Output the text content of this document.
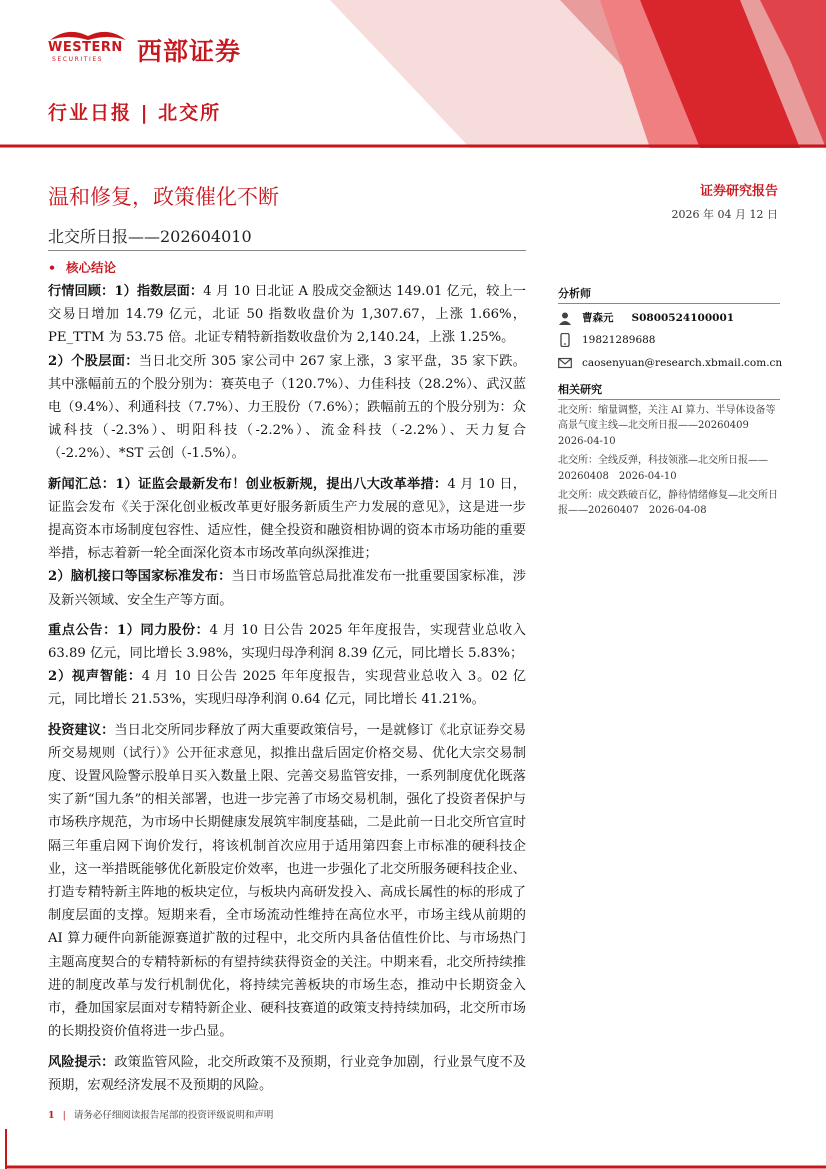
WESTERN
SECURITIES 西部证券
行业日报 | 北交所
温和修复，政策催化不断	证券研究报告
2026 年 04 月 12 日
北交所日报——202604010
• 核心结论

行情回顾：1）指数层面：4 月 10 日北证 A 股成交金额达 149.01 亿元，较上一交易日增加 14.79 亿元，北证 50 指数收盘价为 1,307.67，上涨 1.66%，PE_TTM 为 53.75 倍。北证专精特新指数收盘价为 2,140.24，上涨 1.25%。
2）个股层面：当日北交所 305 家公司中 267 家上涨，3 家平盘，35 家下跌。其中涨幅前五的个股分别为：赛英电子（120.7%）、力佳科技（28.2%）、武汉蓝电（9.4%）、利通科技（7.7%）、力王股份（7.6%）；跌幅前五的个股分别为：众诚科技（-2.3%）、明阳科技（-2.2%）、流金科技（-2.2%）、天力复合（-2.2%）、*ST 云创（-1.5%）。

新闻汇总：1）证监会最新发布！创业板新规，提出八大改革举措：4 月 10 日，证监会发布《关于深化创业板改革更好服务新质生产力发展的意见》，这是进一步提高资本市场制度包容性、适应性，健全投资和融资相协调的资本市场功能的重要举措，标志着新一轮全面深化资本市场改革向纵深推进；
2）脑机接口等国家标准发布：当日市场监管总局批准发布一批重要国家标准，涉及新兴领域、安全生产等方面。

重点公告：1）同力股份：4 月 10 日公告 2025 年年度报告，实现营业总收入 63.89 亿元，同比增长 3.98%，实现归母净利润 8.39 亿元，同比增长 5.83%；
2）视声智能：4 月 10 日公告 2025 年年度报告，实现营业总收入 3。02 亿元，同比增长 21.53%，实现归母净利润 0.64 亿元，同比增长 41.21%。

投资建议：当日北交所同步释放了两大重要政策信号，一是就修订《北京证券交易所交易规则（试行）》公开征求意见，拟推出盘后固定价格交易、优化大宗交易制度、设置风险警示股单日买入数量上限、完善交易监管安排，一系列制度优化既落实了新“国九条”的相关部署，也进一步完善了市场交易机制，强化了投资者保护与市场秩序规范，为市场中长期健康发展筑牢制度基础，二是此前一日北交所官宣时隔三年重启网下询价发行，将该机制首次应用于适用第四套上市标准的硬科技企业，这一举措既能够优化新股定价效率，也进一步强化了北交所服务硬科技企业、打造专精特新主阵地的板块定位，与板块内高研发投入、高成长属性的标的形成了制度层面的支撑。短期来看，全市场流动性维持在高位水平，市场主线从前期的 AI 算力硬件向新能源赛道扩散的过程中，北交所内具备估值性价比、与市场热门主题高度契合的专精特新标的有望持续获得资金的关注。中期来看，北交所持续推进的制度改革与发行机制优化，将持续完善板块的市场生态，推动中长期资金入市，叠加国家层面对专精特新企业、硬科技赛道的政策支持持续加码，北交所市场的长期投资价值将进一步凸显。

风险提示：政策监管风险，北交所政策不及预期，行业竞争加剧，行业景气度不及预期，宏观经济发展不及预期的风险。

分析师
曹森元 S0800524100001
19821289688
caosenyuan@research.xbmail.com.cn
相关研究

北交所：缩量调整，关注 AI 算力、半导体设备等高景气度主线—北交所日报——20260409　2026-04-10

北交所：全线反弹，科技领涨—北交所日报——20260408　2026-04-10

北交所：成交跌破百亿，静待情绪修复—北交所日报——20260407　2026-04-08

1 | 请务必仔细阅读报告尾部的投资评级说明和声明
